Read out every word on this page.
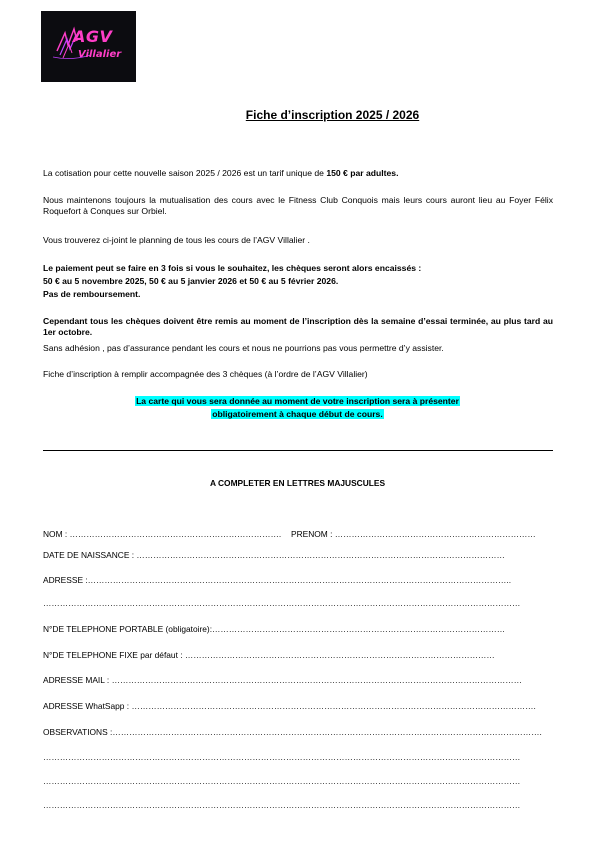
AGV
Villalier
Fiche d’inscription 2025 / 2026
La cotisation pour cette nouvelle saison 2025 / 2026 est un tarif unique de 150 € par adultes.
Nous maintenons toujours la mutualisation des cours avec le Fitness Club Conquois mais leurs cours auront lieu au Foyer Félix Roquefort à Conques sur Orbiel.
Vous trouverez ci-joint le planning de tous les cours de l’AGV Villalier .
Le paiement peut se faire en 3 fois si vous le souhaitez, les chèques seront alors encaissés :
50 € au 5 novembre 2025, 50 € au 5 janvier 2026 et 50 € au 5 février 2026.
Pas de remboursement.
Cependant tous les chèques doivent être remis au moment de l’inscription dès la semaine d’essai terminée, au plus tard au 1er octobre.
Sans adhésion , pas d’assurance pendant les cours et nous ne pourrions pas vous permettre d’y assister.
Fiche d’inscription à remplir accompagnée des 3 chèques (à l’ordre de l’AGV Villalier)
La carte qui vous sera donnée au moment de votre inscription sera à présenter
obligatoirement à chaque début de cours.
A COMPLETER EN LETTRES MAJUSCULES
NOM : …………………………………………………………………. PRENOM : ………………………………………………………………
DATE DE NAISSANCE : ……………………………………………………………………………………………………………………
ADRESSE :……………………………………………………………………………………………………………………………………..
………………………………………………………………………………………………………………………………………………………
N°DE TELEPHONE PORTABLE (obligatoire):……………………………………………………………………………………………
N°DE TELEPHONE FIXE par défaut : …………………………………………………………………………………………………
ADRESSE MAIL : …………………………………………………………………………………………………………………………………
ADRESSE WhatSapp : ……………………………………………………………………………………………………………………………….
OBSERVATIONS :……………………………………………………………………………………………………………………………………….
………………………………………………………………………………………………………………………………………………………
………………………………………………………………………………………………………………………………………………………
………………………………………………………………………………………………………………………………………………………
